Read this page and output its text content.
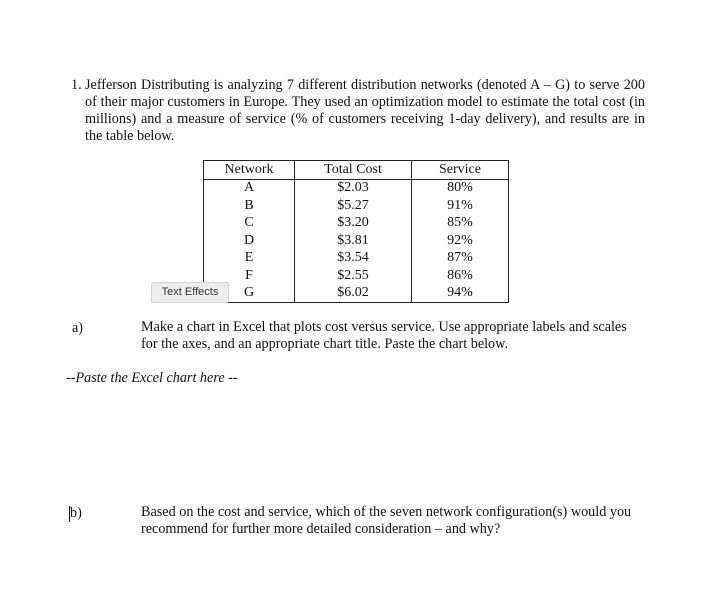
1. Jefferson Distributing is analyzing 7 different distribution networks (denoted A – G) to serve 200 of their major customers in Europe. They used an optimization model to estimate the total cost (in millions) and a measure of service (% of customers receiving 1-day delivery), and results are in the table below.
Network	Total Cost	Service
A	$2.03	80%
B	$5.27	91%
C	$3.20	85%
D	$3.81	92%
E	$3.54	87%
F	$2.55	86%
G	$6.02	94%
Text Effects
a)	Make a chart in Excel that plots cost versus service. Use appropriate labels and scales for the axes, and an appropriate chart title. Paste the chart below.
--Paste the Excel chart here --
b)	Based on the cost and service, which of the seven network configuration(s) would you recommend for further more detailed consideration – and why?
